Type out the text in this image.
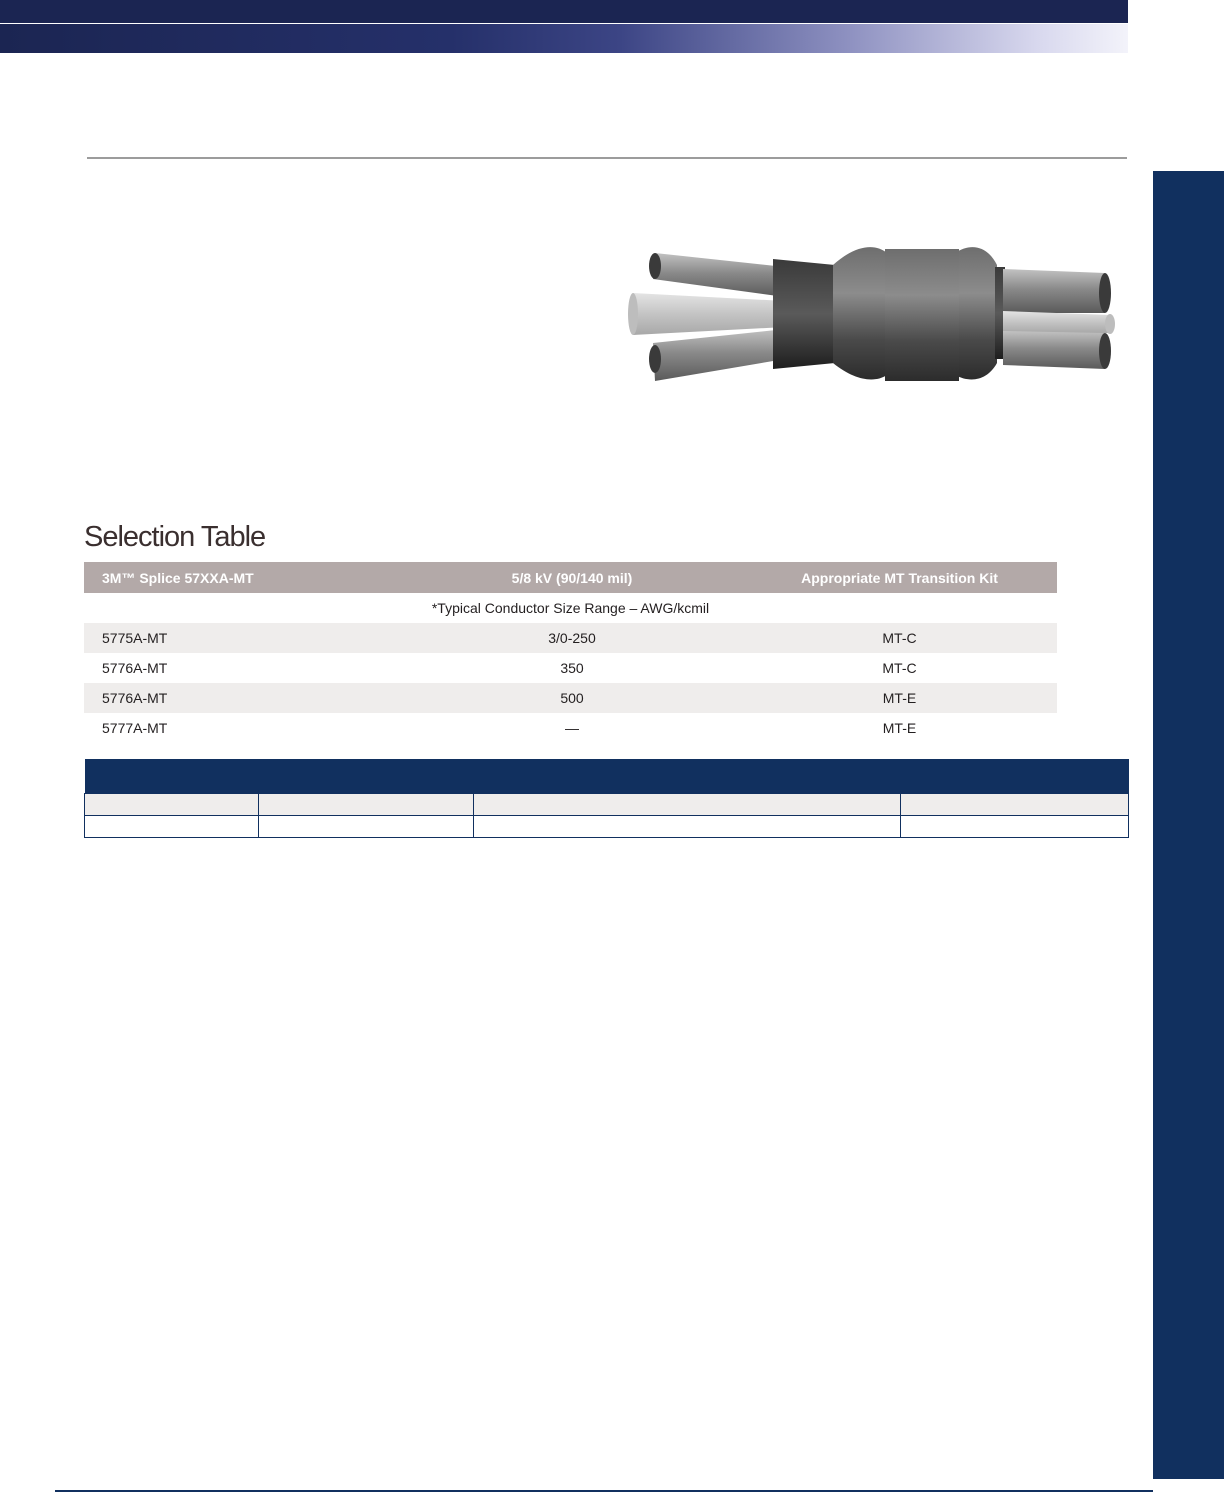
Selection Table
3M™ Splice 57XXA-MT	5/8 kV (90/140 mil)	Appropriate MT Transition Kit
*Typical Conductor Size Range – AWG/kcmil		
5775A-MT	3/0-250	MT-C
5776A-MT	350	MT-C
5776A-MT	500	MT-E
5777A-MT	—	MT-E
